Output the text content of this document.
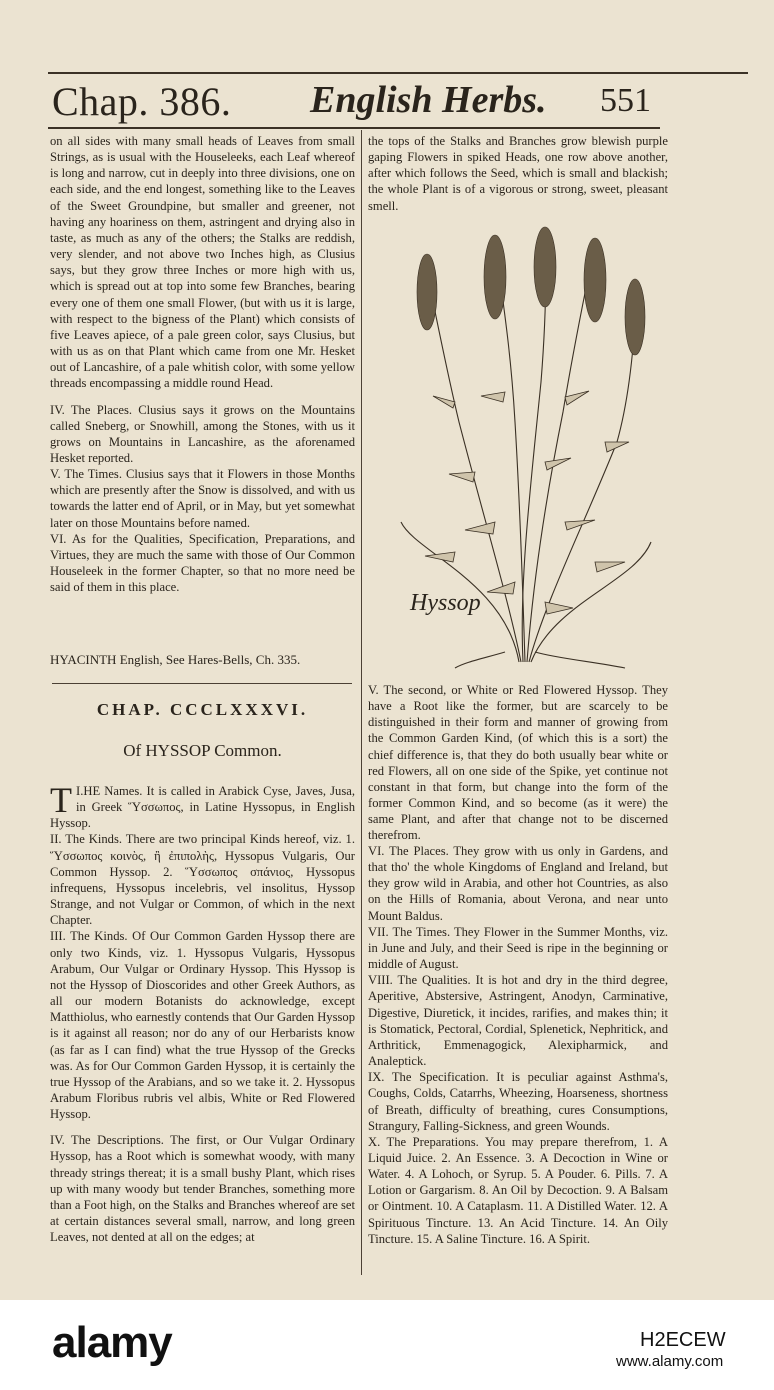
Chap. 386. English Herbs. 551

on all sides with many small heads of Leaves from small Strings, as is usual with the Houseleeks, each Leaf whereof is long and narrow, cut in deeply into three divisions, one on each side, and the end longest, something like to the Leaves of the Sweet Groundpine, but smaller and greener, not having any hoariness on them, astringent and drying also in taste, as much as any of the others; the Stalks are reddish, very slender, and not above two Inches high, as Clusius says, but they grow three Inches or more high with us, which is spread out at top into some few Branches, bearing every one of them one small Flower, (but with us it is large, with respect to the bigness of the Plant) which consists of five Leaves apiece, of a pale green color, says Clusius, but with us as on that Plant which came from one Mr. Hesket out of Lancashire, of a pale whitish color, with some yellow threads encompassing a middle round Head.

IV. The Places. Clusius says it grows on the Mountains called Sneberg, or Snowhill, among the Stones, with us it grows on Mountains in Lancashire, as the aforenamed Hesket reported.

V. The Times. Clusius says that it Flowers in those Months which are presently after the Snow is dissolved, and with us towards the latter end of April, or in May, but yet somewhat later on those Mountains before named.

VI. As for the Qualities, Specification, Preparations, and Virtues, they are much the same with those of Our Common Houseleek in the former Chapter, so that no more need be said of them in this place.

HYACINTH English, See Hares-Bells, Ch. 335.
CHAP. CCCLXXXVI.
Of HYSSOP Common.

I.
T HE Names. It is called in Arabick Cyse, Javes, Jusa, in Greek Ὕσσωπος, in Latine Hyssopus, in English Hyssop.

II. The Kinds. There are two principal Kinds hereof, viz. 1. Ὕσσωπος κοινὸς, ἢ ἐπιπολὴς, Hyssopus Vulgaris, Our Common Hyssop. 2. Ὕσσωπος σπάνιος, Hyssopus infrequens, Hyssopus incelebris, vel insolitus, Hyssop Strange, and not Vulgar or Common, of which in the next Chapter.

III. The Kinds. Of Our Common Garden Hyssop there are only two Kinds, viz. 1. Hyssopus Vulgaris, Hyssopus Arabum, Our Vulgar or Ordinary Hyssop. This Hyssop is not the Hyssop of Dioscorides and other Greek Authors, as all our modern Botanists do acknowledge, except Matthiolus, who earnestly contends that Our Garden Hyssop is it against all reason; nor do any of our Herbarists know (as far as I can find) what the true Hyssop of the Grecks was. As for Our Common Garden Hyssop, it is certainly the true Hyssop of the Arabians, and so we take it. 2. Hyssopus Arabum Floribus rubris vel albis, White or Red Flowered Hyssop.

IV. The Descriptions. The first, or Our Vulgar Ordinary Hyssop, has a Root which is somewhat woody, with many thready strings thereat; it is a small bushy Plant, which rises up with many woody but tender Branches, something more than a Foot high, on the Stalks and Branches whereof are set at certain distances several small, narrow, and long green Leaves, not dented at all on the edges; at

the tops of the Stalks and Branches grow blewish purple gaping Flowers in spiked Heads, one row above another, after which follows the Seed, which is small and blackish; the whole Plant is of a vigorous or strong, sweet, pleasant smell.

Hyssop

V. The second, or White or Red Flowered Hyssop. They have a Root like the former, but are scarcely to be distinguished in their form and manner of growing from the Common Garden Kind, (of which this is a sort) the chief difference is, that they do both usually bear white or red Flowers, all on one side of the Spike, yet continue not constant in that form, but change into the form of the former Common Kind, and so become (as it were) the same Plant, and after that change not to be discerned therefrom.

VI. The Places. They grow with us only in Gardens, and that tho' the whole Kingdoms of England and Ireland, but they grow wild in Arabia, and other hot Countries, as also on the Hills of Romania, about Verona, and near unto Mount Baldus.

VII. The Times. They Flower in the Summer Months, viz. in June and July, and their Seed is ripe in the beginning or middle of August.

VIII. The Qualities. It is hot and dry in the third degree, Aperitive, Abstersive, Astringent, Anodyn, Carminative, Digestive, Diuretick, it incides, rarifies, and makes thin; it is Stomatick, Pectoral, Cordial, Splenetick, Nephritick, and Arthritick, Emmenagogick, Alexipharmick, and Analeptick.

IX. The Specification. It is peculiar against Asthma's, Coughs, Colds, Catarrhs, Wheezing, Hoarseness, shortness of Breath, difficulty of breathing, cures Consumptions, Strangury, Falling-Sickness, and green Wounds.

X. The Preparations. You may prepare therefrom, 1. A Liquid Juice. 2. An Essence. 3. A Decoction in Wine or Water. 4. A Lohoch, or Syrup. 5. A Pouder. 6. Pills. 7. A Lotion or Gargarism. 8. An Oil by Decoction. 9. A Balsam or Ointment. 10. A Cataplasm. 11. A Distilled Water. 12. A Spirituous Tincture. 13. An Acid Tincture. 14. An Oily Tincture. 15. A Saline Tincture. 16. A Spirit.

alamy	H2ECEW
www.alamy.com
